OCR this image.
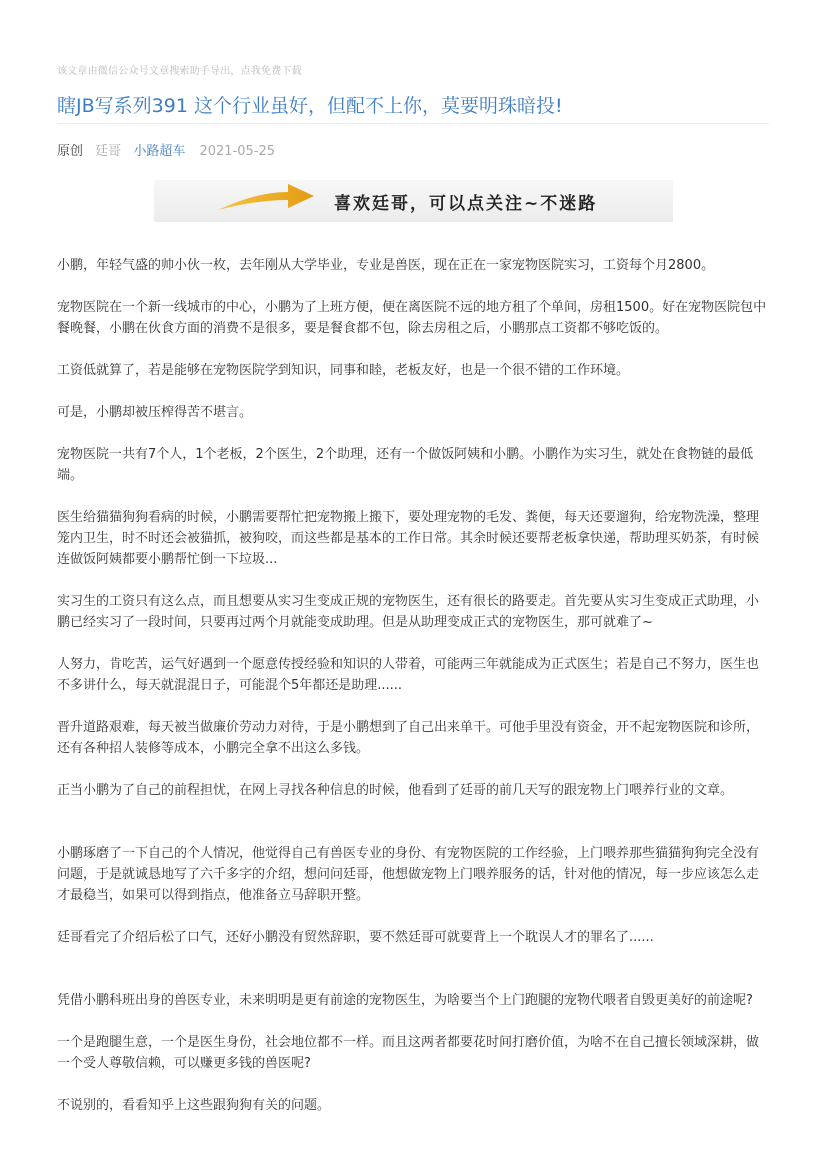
该文章由微信公众号文章搜索助手导出，点我免费下载
瞎JB写系列391 这个行业虽好，但配不上你，莫要明珠暗投!
原创 廷哥 小路超车 2021-05-25
喜欢廷哥，可以点关注~不迷路

小鹏，年轻气盛的帅小伙一枚，去年刚从大学毕业，专业是兽医，现在正在一家宠物医院实习，工资每个月2800。

宠物医院在一个新一线城市的中心，小鹏为了上班方便，便在离医院不远的地方租了个单间，房租1500。好在宠物医院包中餐晚餐，小鹏在伙食方面的消费不是很多，要是餐食都不包，除去房租之后，小鹏那点工资都不够吃饭的。

工资低就算了，若是能够在宠物医院学到知识，同事和睦，老板友好，也是一个很不错的工作环境。

可是，小鹏却被压榨得苦不堪言。

宠物医院一共有7个人，1个老板，2个医生，2个助理，还有一个做饭阿姨和小鹏。小鹏作为实习生，就处在食物链的最低端。

医生给猫猫狗狗看病的时候，小鹏需要帮忙把宠物搬上搬下，要处理宠物的毛发、粪便，每天还要遛狗，给宠物洗澡，整理笼内卫生，时不时还会被猫抓，被狗咬，而这些都是基本的工作日常。其余时候还要帮老板拿快递，帮助理买奶茶，有时候连做饭阿姨都要小鹏帮忙倒一下垃圾...

实习生的工资只有这么点，而且想要从实习生变成正规的宠物医生，还有很长的路要走。首先要从实习生变成正式助理，小鹏已经实习了一段时间，只要再过两个月就能变成助理。但是从助理变成正式的宠物医生，那可就难了~

人努力，肯吃苦，运气好遇到一个愿意传授经验和知识的人带着，可能两三年就能成为正式医生；若是自己不努力，医生也不多讲什么，每天就混混日子，可能混个5年都还是助理......

晋升道路艰难，每天被当做廉价劳动力对待，于是小鹏想到了自己出来单干。可他手里没有资金，开不起宠物医院和诊所，还有各种招人装修等成本，小鹏完全拿不出这么多钱。

正当小鹏为了自己的前程担忧，在网上寻找各种信息的时候，他看到了廷哥的前几天写的跟宠物上门喂养行业的文章。

小鹏琢磨了一下自己的个人情况，他觉得自己有兽医专业的身份、有宠物医院的工作经验，上门喂养那些猫猫狗狗完全没有问题，于是就诚恳地写了六千多字的介绍，想问问廷哥，他想做宠物上门喂养服务的话，针对他的情况，每一步应该怎么走才最稳当，如果可以得到指点，他准备立马辞职开整。

廷哥看完了介绍后松了口气，还好小鹏没有贸然辞职，要不然廷哥可就要背上一个耽误人才的罪名了......

凭借小鹏科班出身的兽医专业，未来明明是更有前途的宠物医生，为啥要当个上门跑腿的宠物代喂者自毁更美好的前途呢?

一个是跑腿生意，一个是医生身份，社会地位都不一样。而且这两者都要花时间打磨价值，为啥不在自己擅长领域深耕，做一个受人尊敬信赖，可以赚更多钱的兽医呢?

不说别的，看看知乎上这些跟狗狗有关的问题。
